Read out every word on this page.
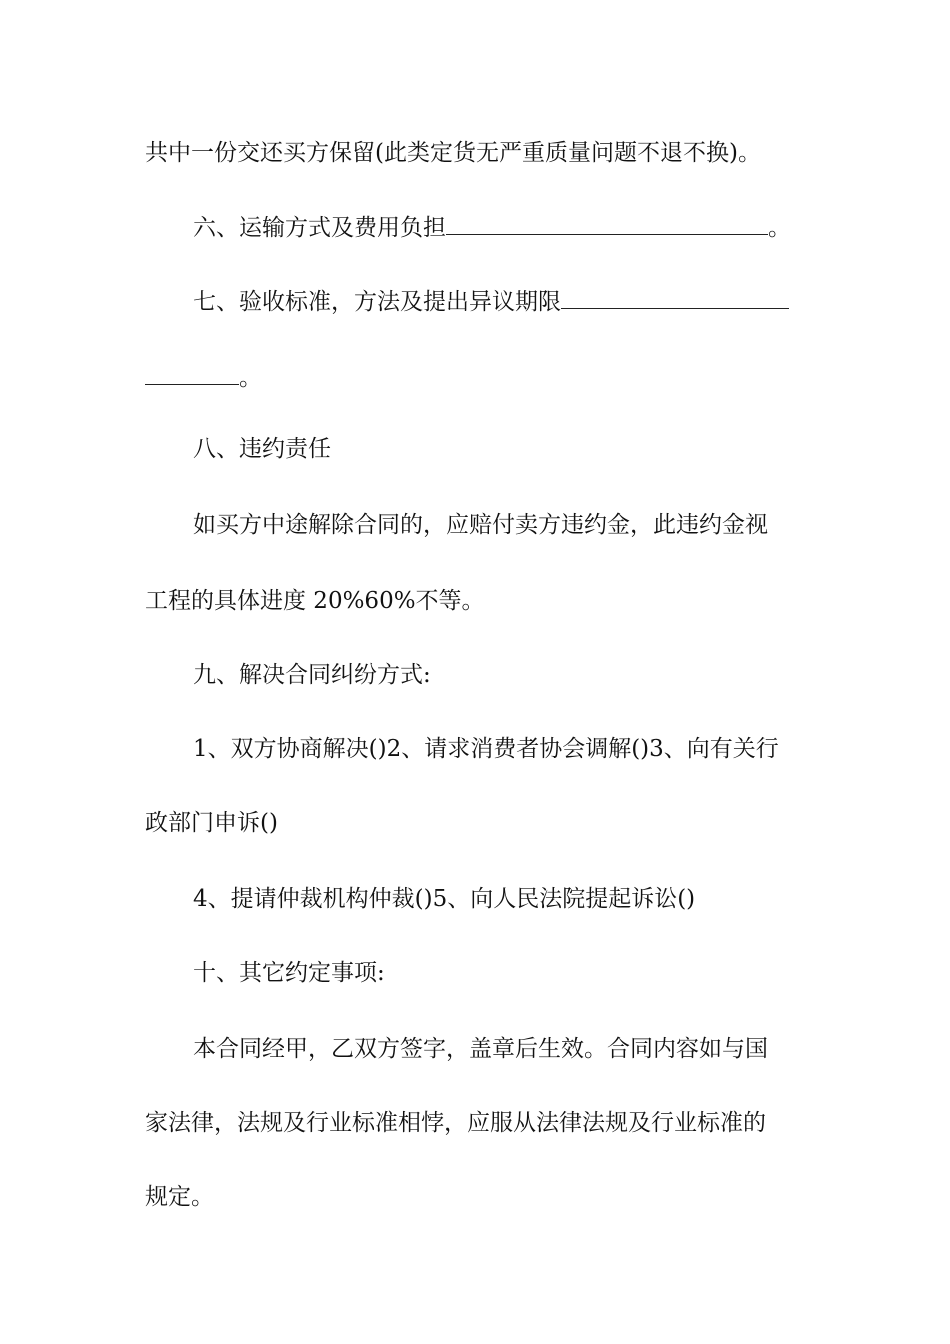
共中一份交还买方保留(此类定货无严重质量问题不退不换)。
六、运输方式及费用负担	。
七、验收标准，方法及提出异议期限
。
八、违约责任
如买方中途解除合同的，应赔付卖方违约金，此违约金视
工程的具体进度 20%60%不等。
九、解决合同纠纷方式:
1、双方协商解决()2、请求消费者协会调解()3、向有关行
政部门申诉()
4、提请仲裁机构仲裁()5、向人民法院提起诉讼()
十、其它约定事项:
本合同经甲，乙双方签字，盖章后生效。合同内容如与国
家法律，法规及行业标准相悖，应服从法律法规及行业标准的
规定。
